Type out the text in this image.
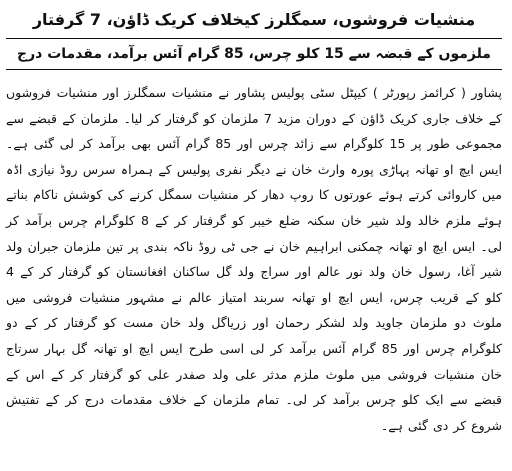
منشیات فروشوں، سمگلرز کیخلاف کریک ڈاؤن، 7 گرفتار
ملزموں کے قبضہ سے 15 کلو چرس، 85 گرام آئس برآمد، مقدمات درج

پشاور ( کرائمز رپورٹر ) کیپٹل سٹی پولیس پشاور نے منشیات سمگلرز اور منشیات فروشوں کے خلاف جاری کریک ڈاؤن کے دوران مزید 7 ملزمان کو گرفتار کر لیا۔ ملزمان کے قبضے سے مجموعی طور پر 15 کلوگرام سے زائد چرس اور 85 گرام آئس بھی برآمد کر لی گئی ہے۔ ایس ایچ او تھانہ پہاڑی پورہ وارث خان نے دیگر نفری پولیس کے ہمراہ سرس روڈ نیازی اڈہ میں کاروائی کرتے ہوئے عورتوں کا روپ دھار کر منشیات سمگل کرنے کی کوشش ناکام بناتے ہوئے ملزم خالد ولد شیر خان سکنہ ضلع خیبر کو گرفتار کر کے 8 کلوگرام چرس برآمد کر لی۔ ایس ایچ او تھانہ چمکنی ابراہیم خان نے جی ٹی روڈ ناکہ بندی پر تین ملزمان جبران ولد شیر آغا، رسول خان ولد نور عالم اور سراج ولد گل ساکنان افغانستان کو گرفتار کر کے 4 کلو کے قریب چرس، ایس ایچ او تھانہ سربند امتیاز عالم نے مشہور منشیات فروشی میں ملوث دو ملزمان جاوید ولد لشکر رحمان اور زریاگل ولد خان مست کو گرفتار کر کے دو کلوگرام چرس اور 85 گرام آئس برآمد کر لی اسی طرح ایس ایچ او تھانہ گل بہار سرتاج خان منشیات فروشی میں ملوث ملزم مدثر علی ولد صفدر علی کو گرفتار کر کے اس کے قبضے سے ایک کلو چرس برآمد کر لی۔ تمام ملزمان کے خلاف مقدمات درج کر کے تفتیش شروع کر دی گئی ہے۔
